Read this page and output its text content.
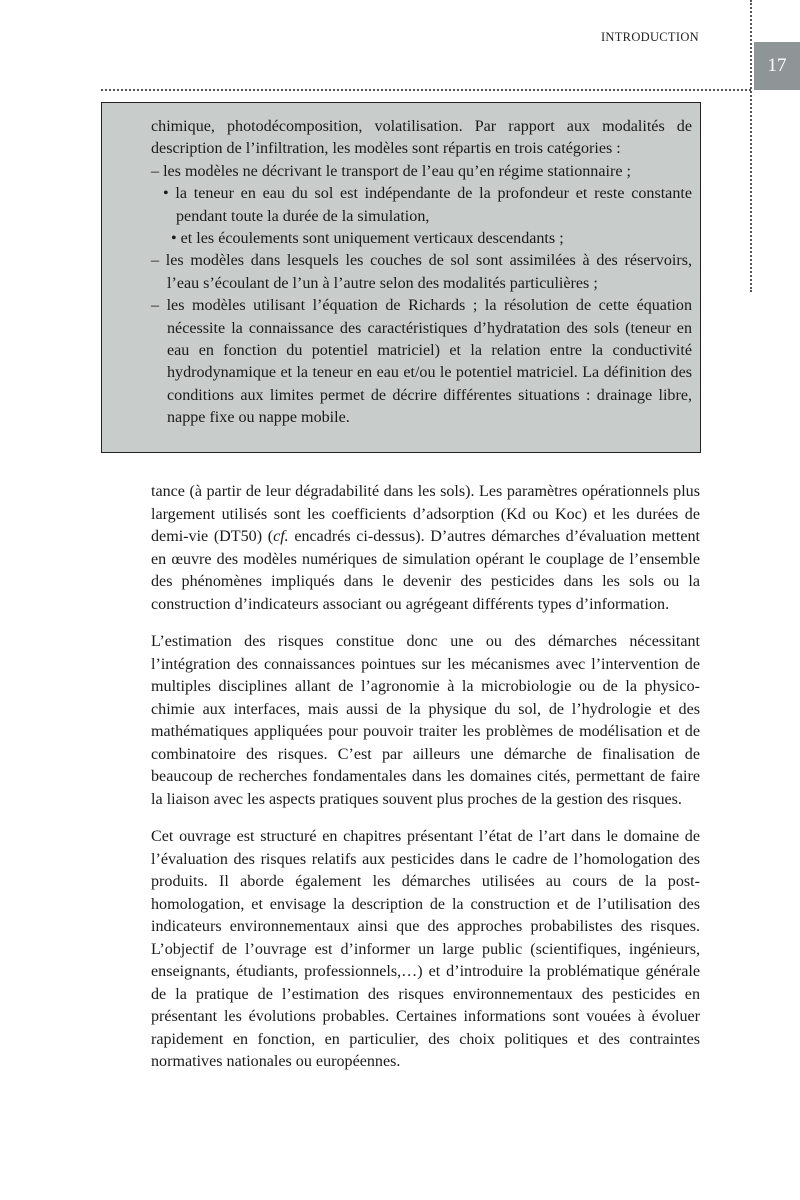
INTRODUCTION
17
chimique, photodécomposition, volatilisation. Par rapport aux modalités de description de l’infiltration, les modèles sont répartis en trois catégories :
– les modèles ne décrivant le transport de l’eau qu’en régime stationnaire ;
• la teneur en eau du sol est indépendante de la profondeur et reste constante pendant toute la durée de la simulation,
• et les écoulements sont uniquement verticaux descendants ;
– les modèles dans lesquels les couches de sol sont assimilées à des réservoirs, l’eau s’écoulant de l’un à l’autre selon des modalités particulières ;
– les modèles utilisant l’équation de Richards ; la résolution de cette équation nécessite la connaissance des caractéristiques d’hydratation des sols (teneur en eau en fonction du potentiel matriciel) et la relation entre la conductivité hydrodynamique et la teneur en eau et/ou le potentiel matriciel. La définition des conditions aux limites permet de décrire différentes situations : drainage libre, nappe fixe ou nappe mobile.

tance (à partir de leur dégradabilité dans les sols). Les paramètres opérationnels plus largement utilisés sont les coefficients d’adsorption (Kd ou Koc) et les durées de demi-vie (DT50) (cf. encadrés ci-dessus). D’autres démarches d’évaluation mettent en œuvre des modèles numériques de simulation opérant le couplage de l’ensemble des phénomènes impliqués dans le devenir des pesticides dans les sols ou la construction d’indicateurs associant ou agrégeant différents types d’information.

L’estimation des risques constitue donc une ou des démarches nécessitant l’intégration des connaissances pointues sur les mécanismes avec l’intervention de multiples disciplines allant de l’agronomie à la microbiologie ou de la physico-chimie aux interfaces, mais aussi de la physique du sol, de l’hydrologie et des mathématiques appliquées pour pouvoir traiter les problèmes de modélisation et de combinatoire des risques. C’est par ailleurs une démarche de finalisation de beaucoup de recherches fondamentales dans les domaines cités, permettant de faire la liaison avec les aspects pratiques souvent plus proches de la gestion des risques.

Cet ouvrage est structuré en chapitres présentant l’état de l’art dans le domaine de l’évaluation des risques relatifs aux pesticides dans le cadre de l’homologation des produits. Il aborde également les démarches utilisées au cours de la post-homologation, et envisage la description de la construction et de l’utilisation des indicateurs environnementaux ainsi que des approches probabilistes des risques. L’objectif de l’ouvrage est d’informer un large public (scientifiques, ingénieurs, enseignants, étudiants, professionnels,…) et d’introduire la problématique générale de la pratique de l’estimation des risques environnementaux des pesticides en présentant les évolutions probables. Certaines informations sont vouées à évoluer rapidement en fonction, en particulier, des choix politiques et des contraintes normatives nationales ou européennes.
